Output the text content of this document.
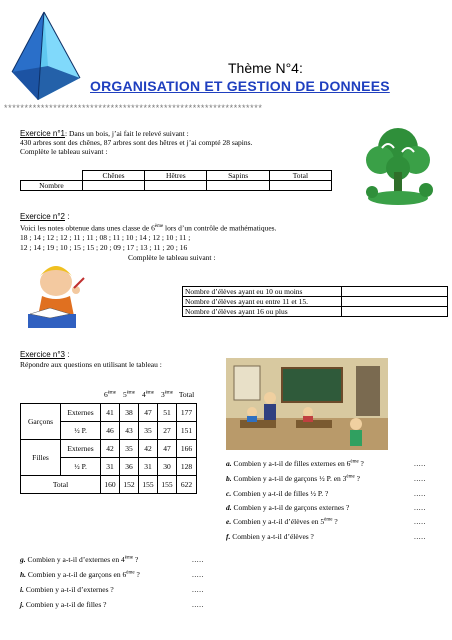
Thème N°4:
ORGANISATION ET GESTION DE DONNEES
***************************************************************
Exercice n°1: Dans un bois, j’ai fait le relevé suivant :
430 arbres sont des chênes, 87 arbres sont des hêtres et j’ai compté 28 sapins.
Complète le tableau suivant :
	Chênes	Hêtres	Sapins	Total
Nombre				
Exercice n°2 :
Voici les notes obtenue dans unes classe de 6ème lors d’un contrôle de mathématiques.
18 ; 14 ; 12 ; 12 ; 11 ; 11 ; 08 ; 11 ; 10 ; 14 ; 12 ; 10 ; 11 ;
12 ; 14 ; 19 ; 10 ; 15 ; 15 ; 20 ; 09 ; 17 ; 13 ; 11 ; 20 ; 16
Complète le tableau suivant :
Nombre d’élèves ayant eu 10 ou moins	
Nombre d’élèves ayant eu entre 11 et 15.	
Nombre d’élèves ayant 16 ou plus	
Exercice n°3 :
Répondre aux questions en utilisant le tableau :
		6ème	5ème	4ème	3ème	Total
Garçons	Externes	41	38	47	51	177
	½ P.	46	43	35	27	151
Filles	Externes	42	35	42	47	166
	½ P.	31	36	31	30	128
Total		160	152	155	155	622
a. Combien y a-t-il de filles externes en 6ème ?	.....
b. Combien y a-t-il de garçons ½ P. en 3ème ?	.....
c. Combien y a-t-il de filles ½ P. ?	.....
d. Combien y a-t-il de garçons externes ?	.....
e. Combien y a-t-il d’élèves en 5ème ?	.....
f. Combien y a-t-il d’élèves ?	.....
g. Combien y a-t-il d’externes en 4ème ?	.....
h. Combien y a-t-il de garçons en 6ème ?	.....
i. Combien y a-t-il d’externes ?	.....
j. Combien y a-t-il de filles ?	.....
